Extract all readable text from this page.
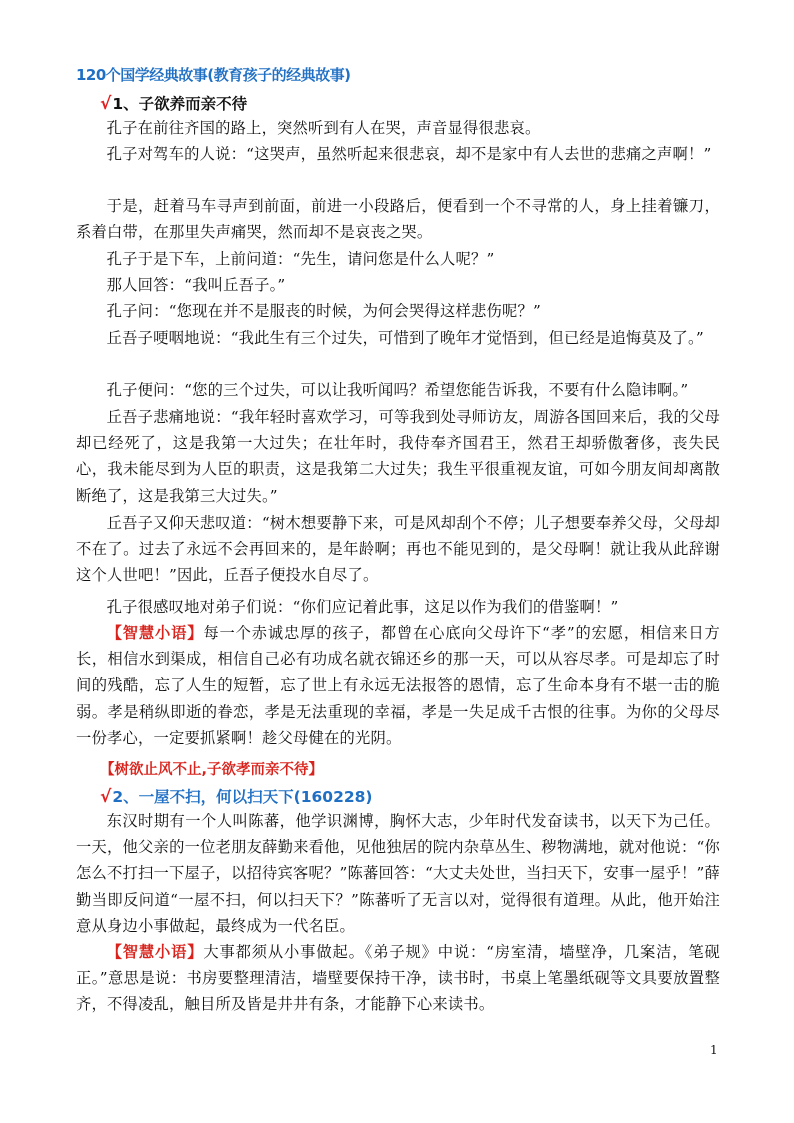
120个国学经典故事(教育孩子的经典故事)
√1、子欲养而亲不待

孔子在前往齐国的路上，突然听到有人在哭，声音显得很悲哀。

孔子对驾车的人说：“这哭声，虽然听起来很悲哀，却不是家中有人去世的悲痛之声啊！”

于是，赶着马车寻声到前面，前进一小段路后，便看到一个不寻常的人，身上挂着镰刀，系着白带，在那里失声痛哭，然而却不是哀丧之哭。

孔子于是下车，上前问道：“先生，请问您是什么人呢？”

那人回答：“我叫丘吾子。”

孔子问：“您现在并不是服丧的时候，为何会哭得这样悲伤呢？”

丘吾子哽咽地说：“我此生有三个过失，可惜到了晚年才觉悟到，但已经是追悔莫及了。”

孔子便问：“您的三个过失，可以让我听闻吗？希望您能告诉我，不要有什么隐讳啊。”

丘吾子悲痛地说：“我年轻时喜欢学习，可等我到处寻师访友，周游各国回来后，我的父母却已经死了，这是我第一大过失；在壮年时，我侍奉齐国君王，然君王却骄傲奢侈，丧失民心，我未能尽到为人臣的职责，这是我第二大过失；我生平很重视友谊，可如今朋友间却离散断绝了，这是我第三大过失。”

丘吾子又仰天悲叹道：“树木想要静下来，可是风却刮个不停；儿子想要奉养父母，父母却不在了。过去了永远不会再回来的，是年龄啊；再也不能见到的，是父母啊！就让我从此辞谢这个人世吧！”因此，丘吾子便投水自尽了。

孔子很感叹地对弟子们说：“你们应记着此事，这足以作为我们的借鉴啊！”

【智慧小语】每一个赤诚忠厚的孩子，都曾在心底向父母许下“孝”的宏愿，相信来日方长，相信水到渠成，相信自己必有功成名就衣锦还乡的那一天，可以从容尽孝。可是却忘了时间的残酷，忘了人生的短暂，忘了世上有永远无法报答的恩情，忘了生命本身有不堪一击的脆弱。孝是稍纵即逝的眷恋，孝是无法重现的幸福，孝是一失足成千古恨的往事。为你的父母尽一份孝心，一定要抓紧啊！趁父母健在的光阴。

【树欲止风不止,子欲孝而亲不待】
√2、一屋不扫，何以扫天下(160228)

东汉时期有一个人叫陈蕃，他学识渊博，胸怀大志，少年时代发奋读书，以天下为己任。一天，他父亲的一位老朋友薛勤来看他，见他独居的院内杂草丛生、秽物满地，就对他说：“你怎么不打扫一下屋子，以招待宾客呢？”陈蕃回答：“大丈夫处世，当扫天下，安事一屋乎！”薛勤当即反问道“一屋不扫，何以扫天下？”陈蕃听了无言以对，觉得很有道理。从此，他开始注意从身边小事做起，最终成为一代名臣。

【智慧小语】大事都须从小事做起。《弟子规》中说：“房室清，墙壁净，几案洁，笔砚正。”意思是说：书房要整理清洁，墙壁要保持干净，读书时，书桌上笔墨纸砚等文具要放置整齐，不得凌乱，触目所及皆是井井有条，才能静下心来读书。

1
